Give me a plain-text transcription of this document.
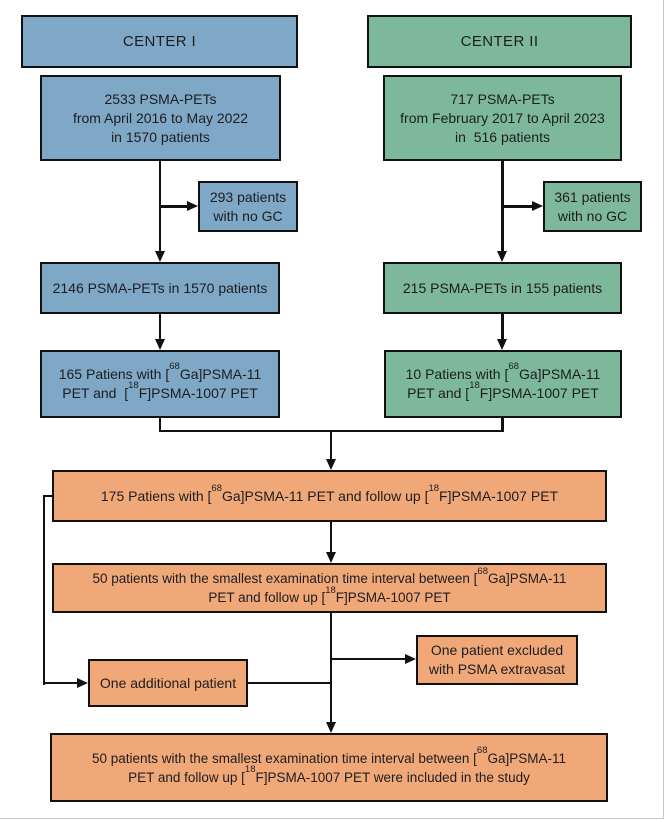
CENTER I
2533 PSMA-PETs
from April 2016 to May 2022
in 1570 patients
293 patients
with no GC
2146 PSMA-PETs in 1570 patients
165 Patiens with [$^{68}$Ga]PSMA-11
PET and  [$^{18}$F]PSMA-1007 PET
CENTER II
717 PSMA-PETs
from February 2017 to April 2023
in  516 patients
361 patients
with no GC
215 PSMA-PETs in 155 patients
10 Patiens with [$^{68}$Ga]PSMA-11
PET and [$^{18}$F]PSMA-1007 PET
175 Patiens with [$^{68}$Ga]PSMA-11 PET and follow up [$^{18}$F]PSMA-1007 PET
50 patients with the smallest examination time interval between [$^{68}$Ga]PSMA-11
PET and follow up [$^{18}$F]PSMA-1007 PET
One additional patient
One patient excluded
with PSMA extravasat
50 patients with the smallest examination time interval between [$^{68}$Ga]PSMA-11
PET and follow up [$^{18}$F]PSMA-1007 PET were included in the study
